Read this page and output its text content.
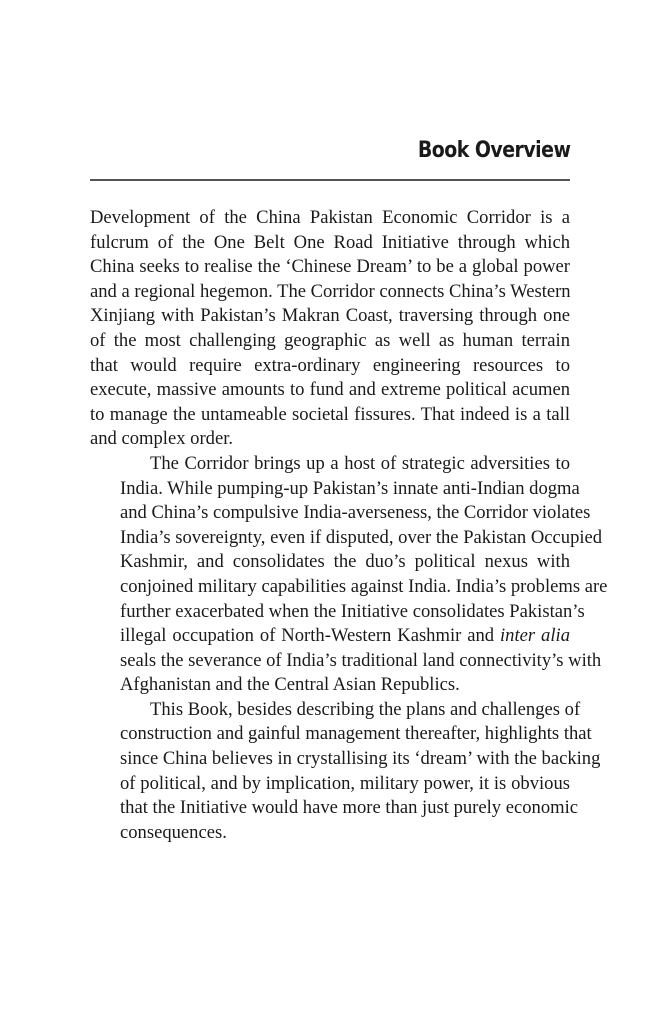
Book Overview
Development of the China Pakistan Economic Corridor is a
fulcrum of the One Belt One Road Initiative through which
China seeks to realise the ‘Chinese Dream’ to be a global power
and a regional hegemon. The Corridor connects China’s Western
Xinjiang with Pakistan’s Makran Coast, traversing through one
of the most challenging geographic as well as human terrain
that would require extra-ordinary engineering resources to
execute, massive amounts to fund and extreme political acumen
to manage the untameable societal fissures. That indeed is a tall
and complex order.
The Corridor brings up a host of strategic adversities to
India. While pumping-up Pakistan’s innate anti-Indian dogma
and China’s compulsive India-averseness, the Corridor violates
India’s sovereignty, even if disputed, over the Pakistan Occupied
Kashmir, and consolidates the duo’s political nexus with
conjoined military capabilities against India. India’s problems are
further exacerbated when the Initiative consolidates Pakistan’s
illegal occupation of North-Western Kashmir and inter alia
seals the severance of India’s traditional land connectivity’s with
Afghanistan and the Central Asian Republics.
This Book, besides describing the plans and challenges of
construction and gainful management thereafter, highlights that
since China believes in crystallising its ‘dream’ with the backing
of political, and by implication, military power, it is obvious
that the Initiative would have more than just purely economic
consequences.
